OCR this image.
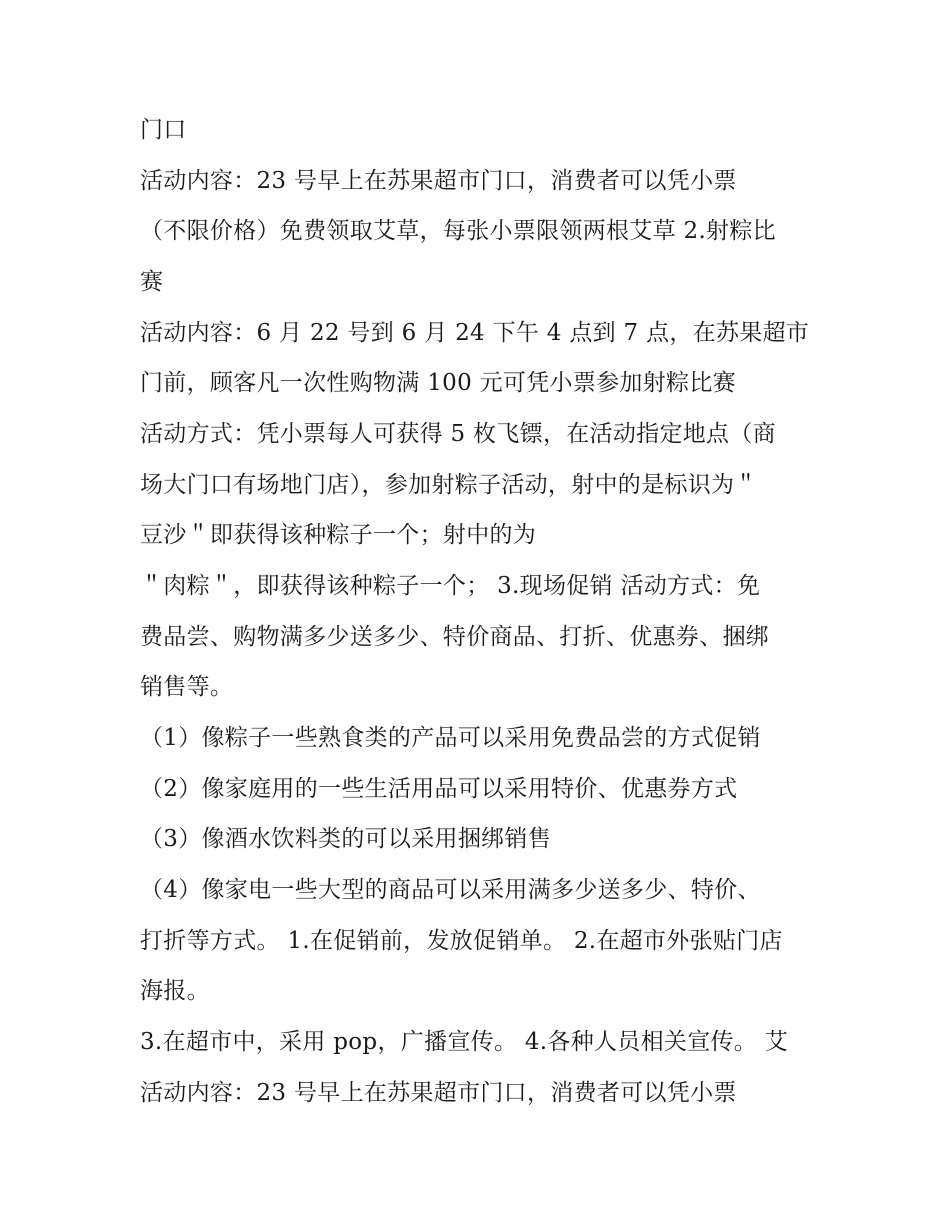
门口
活动内容：23 号早上在苏果超市门口，消费者可以凭小票
（不限价格）免费领取艾草，每张小票限领两根艾草 2.射粽比
赛
活动内容：6 月 22 号到 6 月 24 下午 4 点到 7 点，在苏果超市
门前，顾客凡一次性购物满 100 元可凭小票参加射粽比赛
活动方式：凭小票每人可获得 5 枚飞镖，在活动指定地点（商
场大门口有场地门店），参加射粽子活动，射中的是标识为＂
豆沙＂即获得该种粽子一个；射中的为
＂肉粽＂，即获得该种粽子一个； 3.现场促销 活动方式：免
费品尝、购物满多少送多少、特价商品、打折、优惠券、捆绑
销售等。
（1）像粽子一些熟食类的产品可以采用免费品尝的方式促销
（2）像家庭用的一些生活用品可以采用特价、优惠券方式
（3）像酒水饮料类的可以采用捆绑销售
（4）像家电一些大型的商品可以采用满多少送多少、特价、
打折等方式。 1.在促销前，发放促销单。 2.在超市外张贴门店
海报。
3.在超市中，采用 pop，广播宣传。 4.各种人员相关宣传。 艾
活动内容：23 号早上在苏果超市门口，消费者可以凭小票
